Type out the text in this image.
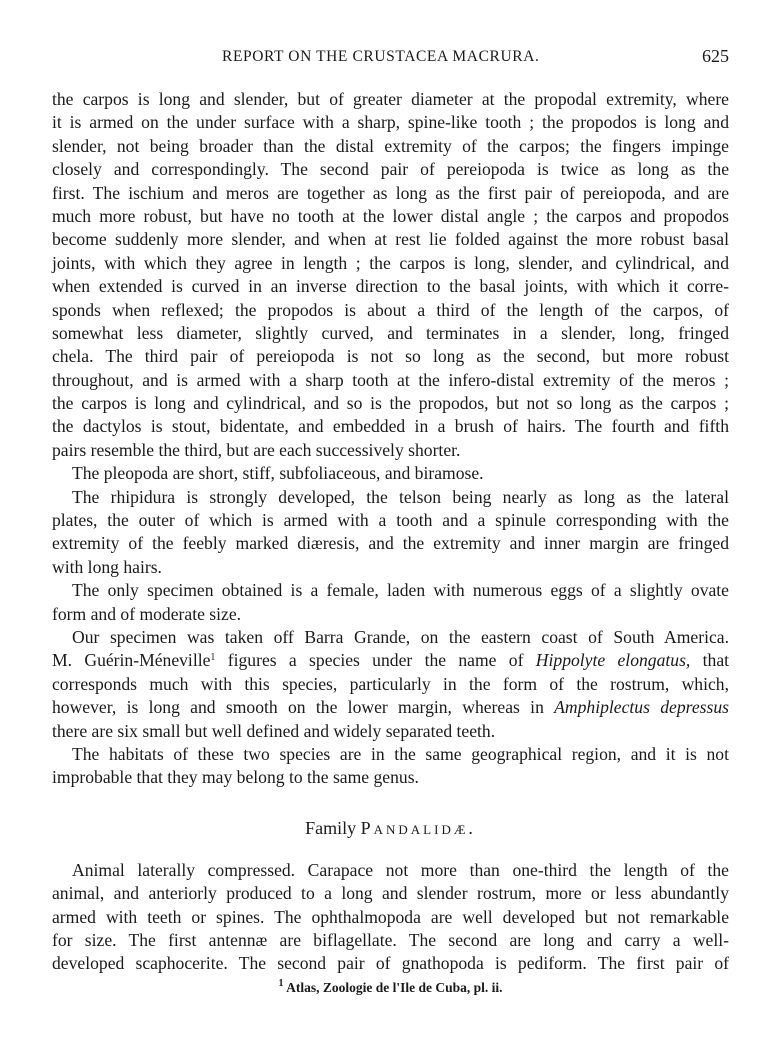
REPORT ON THE CRUSTACEA MACRURA.	625
the carpos is long and slender, but of greater diameter at the propodal extremity, where
it is armed on the under surface with a sharp, spine-like tooth ; the propodos is long and
slender, not being broader than the distal extremity of the carpos; the fingers impinge
closely and correspondingly. The second pair of pereiopoda is twice as long as the
first. The ischium and meros are together as long as the first pair of pereiopoda, and are
much more robust, but have no tooth at the lower distal angle ; the carpos and propodos
become suddenly more slender, and when at rest lie folded against the more robust basal
joints, with which they agree in length ; the carpos is long, slender, and cylindrical, and
when extended is curved in an inverse direction to the basal joints, with which it corre-
sponds when reflexed; the propodos is about a third of the length of the carpos, of
somewhat less diameter, slightly curved, and terminates in a slender, long, fringed
chela. The third pair of pereiopoda is not so long as the second, but more robust
throughout, and is armed with a sharp tooth at the infero-distal extremity of the meros ;
the carpos is long and cylindrical, and so is the propodos, but not so long as the carpos ;
the dactylos is stout, bidentate, and embedded in a brush of hairs. The fourth and fifth
pairs resemble the third, but are each successively shorter.
The pleopoda are short, stiff, subfoliaceous, and biramose.
The rhipidura is strongly developed, the telson being nearly as long as the lateral
plates, the outer of which is armed with a tooth and a spinule corresponding with the
extremity of the feebly marked diæresis, and the extremity and inner margin are fringed
with long hairs.
The only specimen obtained is a female, laden with numerous eggs of a slightly ovate
form and of moderate size.
Our specimen was taken off Barra Grande, on the eastern coast of South America.
M. Guérin-Méneville$^1$ figures a species under the name of Hippolyte elongatus, that
corresponds much with this species, particularly in the form of the rostrum, which,
however, is long and smooth on the lower margin, whereas in Amphiplectus depressus
there are six small but well defined and widely separated teeth.
The habitats of these two species are in the same geographical region, and it is not
improbable that they may belong to the same genus.
Family Pandalidæ.
Animal laterally compressed. Carapace not more than one-third the length of the
animal, and anteriorly produced to a long and slender rostrum, more or less abundantly
armed with teeth or spines. The ophthalmopoda are well developed but not remarkable
for size. The first antennæ are biflagellate. The second are long and carry a well-
developed scaphocerite. The second pair of gnathopoda is pediform. The first pair of
$^1$ Atlas, Zoologie de l'Ile de Cuba, pl. ii.
